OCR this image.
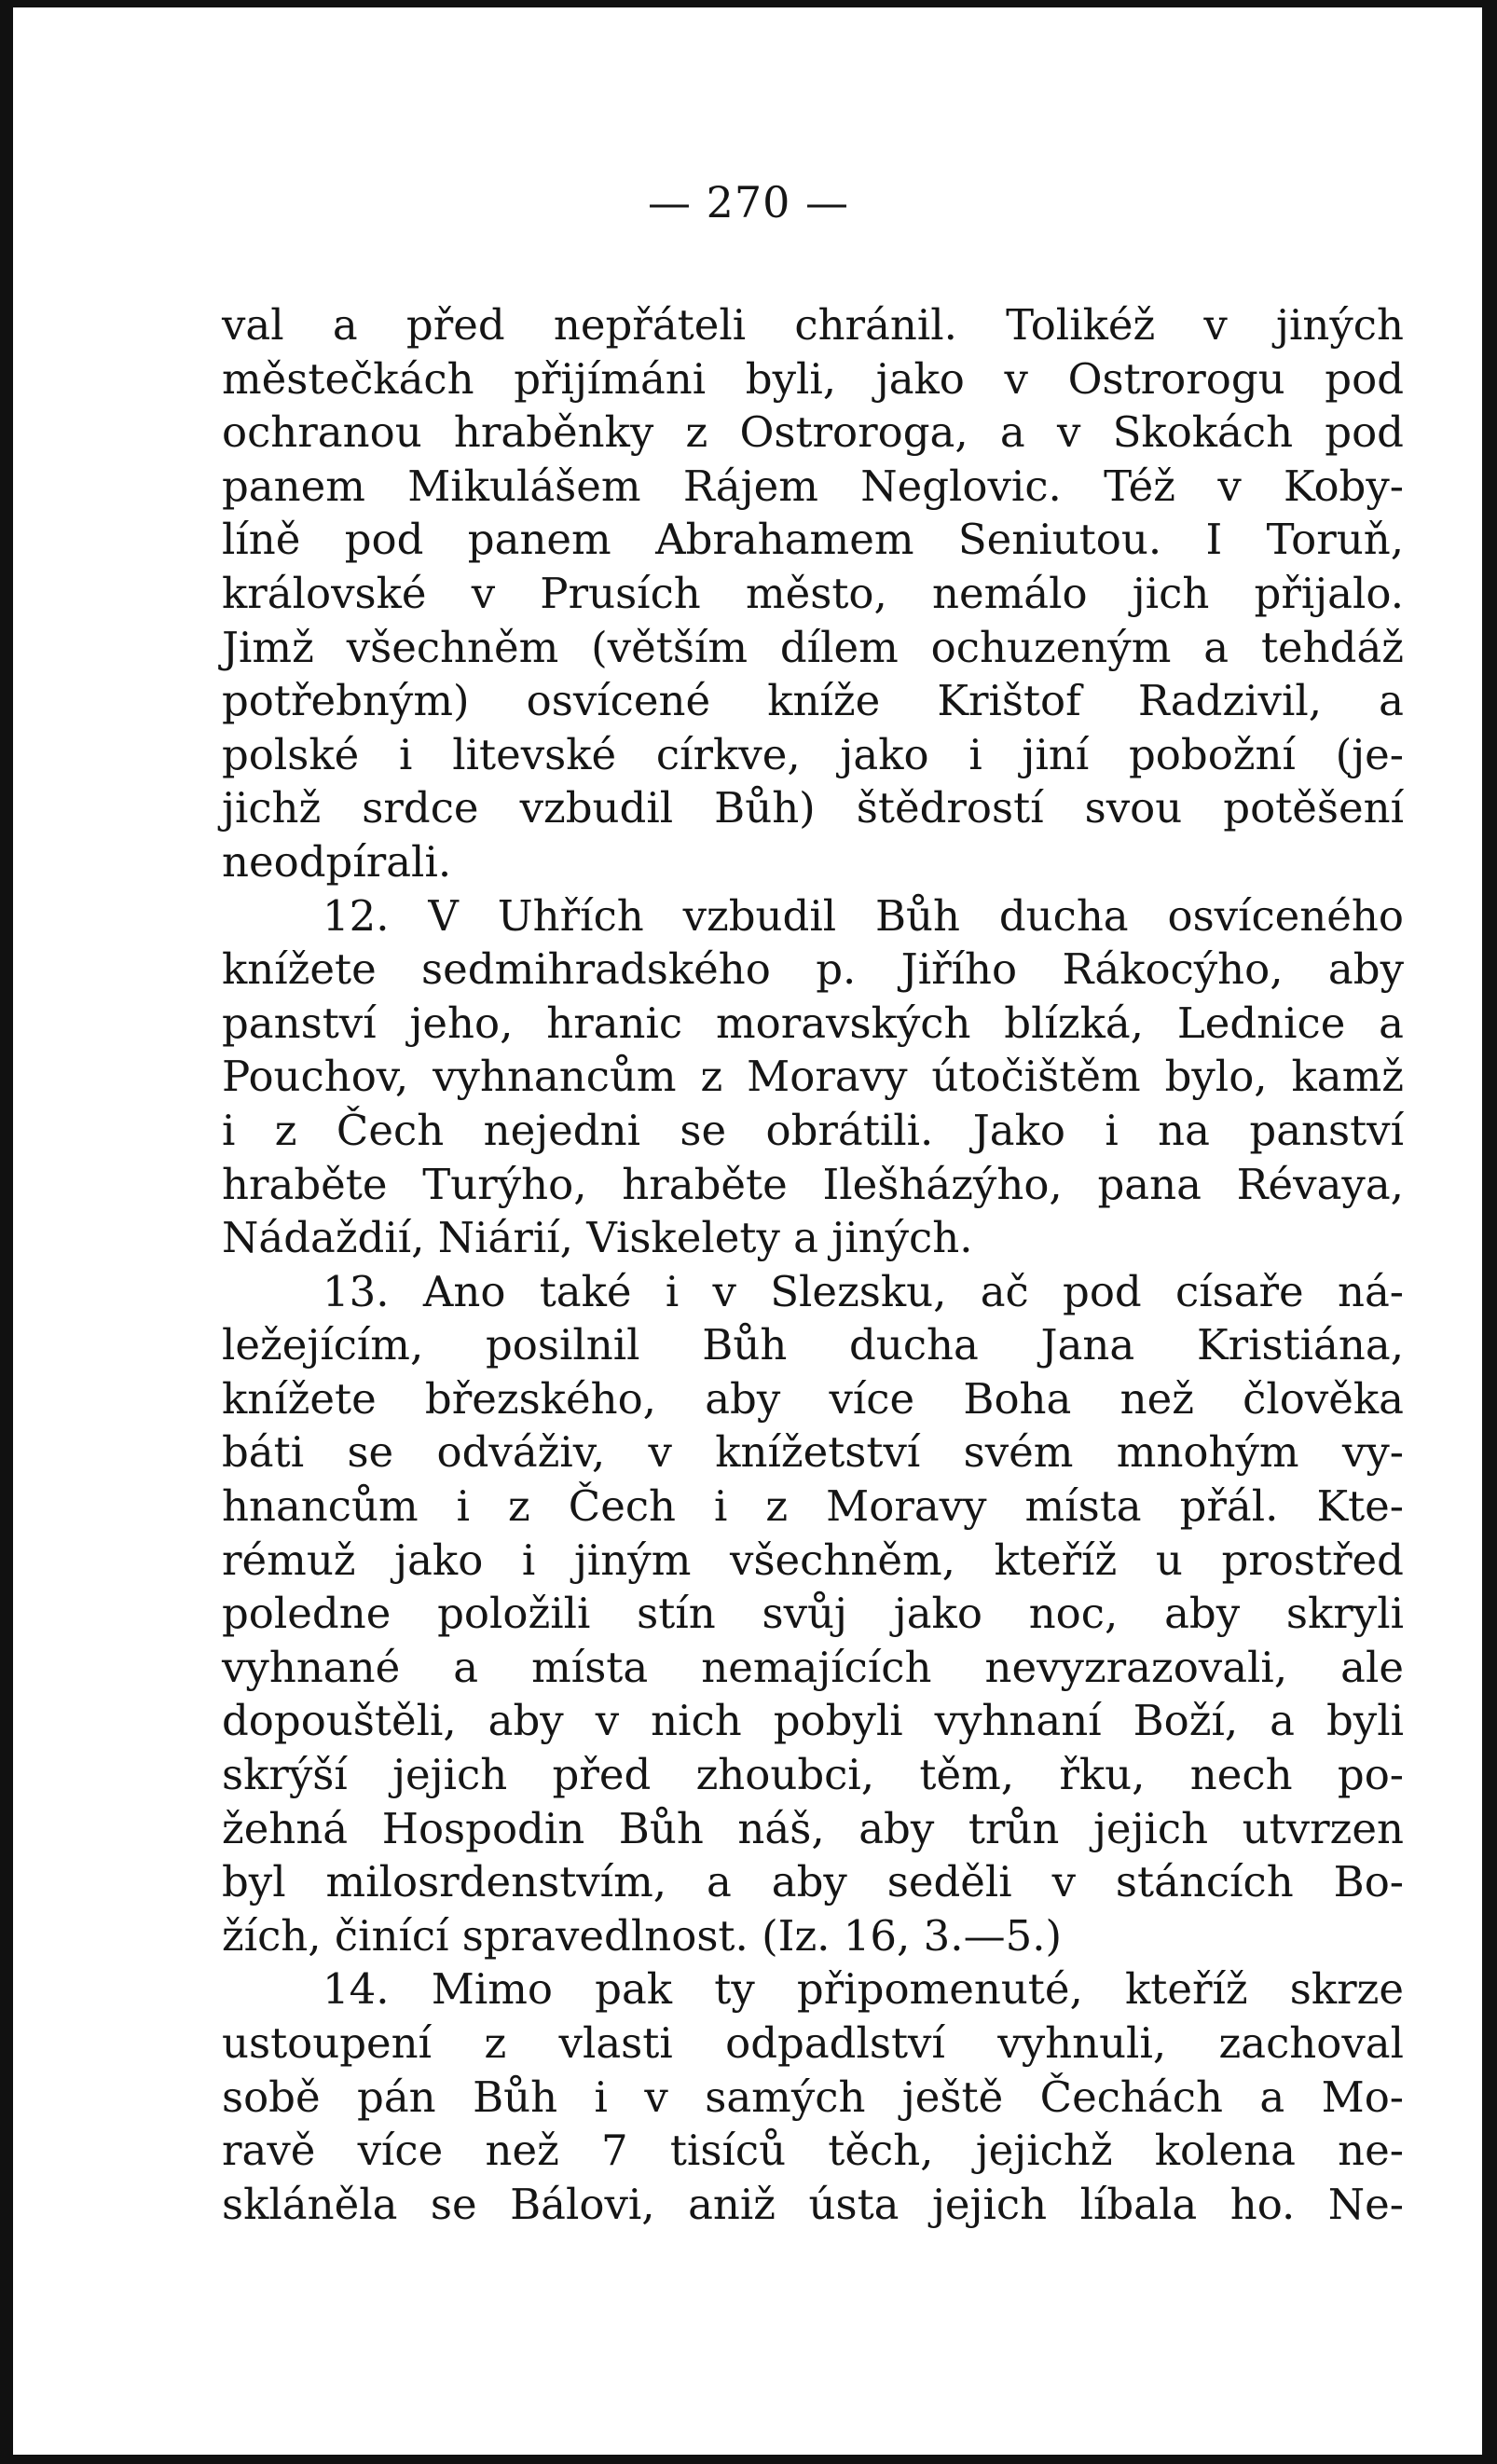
— 270 —
val a před nepřáteli chránil. Tolikéž v jiných
městečkách přijímáni byli, jako v Ostrorogu pod
ochranou hraběnky z Ostroroga, a v Skokách pod
panem Mikulášem Rájem Neglovic. Též v Koby-
líně pod panem Abrahamem Seniutou. I Toruň,
královské v Prusích město, nemálo jich přijalo.
Jimž všechněm (větším dílem ochuzeným a tehdáž
potřebným) osvícené kníže Krištof Radzivil, a
polské i litevské církve, jako i jiní pobožní (je-
jichž srdce vzbudil Bůh) štědrostí svou potěšení
neodpírali.
12. V Uhřích vzbudil Bůh ducha osvíceného
knížete sedmihradského p. Jiřího Rákocýho, aby
panství jeho, hranic moravských blízká, Lednice a
Pouchov, vyhnancům z Moravy útočištěm bylo, kamž
i z Čech nejedni se obrátili. Jako i na panství
hraběte Turýho, hraběte Ilešházýho, pana Révaya,
Nádaždií, Niárií, Viskelety a jiných.
13. Ano také i v Slezsku, ač pod císaře ná-
ležejícím, posilnil Bůh ducha Jana Kristiána,
knížete březského, aby více Boha než člověka
báti se odváživ, v knížetství svém mnohým vy-
hnancům i z Čech i z Moravy místa přál. Kte-
rémuž jako i jiným všechněm, kteříž u prostřed
poledne položili stín svůj jako noc, aby skryli
vyhnané a místa nemajících nevyzrazovali, ale
dopouštěli, aby v nich pobyli vyhnaní Boží, a byli
skrýší jejich před zhoubci, těm, řku, nech po-
žehná Hospodin Bůh náš, aby trůn jejich utvrzen
byl milosrdenstvím, a aby seděli v stáncích Bo-
žích, činící spravedlnost. (Iz. 16, 3.—5.)
14. Mimo pak ty připomenuté, kteříž skrze
ustoupení z vlasti odpadlství vyhnuli, zachoval
sobě pán Bůh i v samých ještě Čechách a Mo-
ravě více než 7 tisíců těch, jejichž kolena ne-
skláněla se Bálovi, aniž ústa jejich líbala ho. Ne-
